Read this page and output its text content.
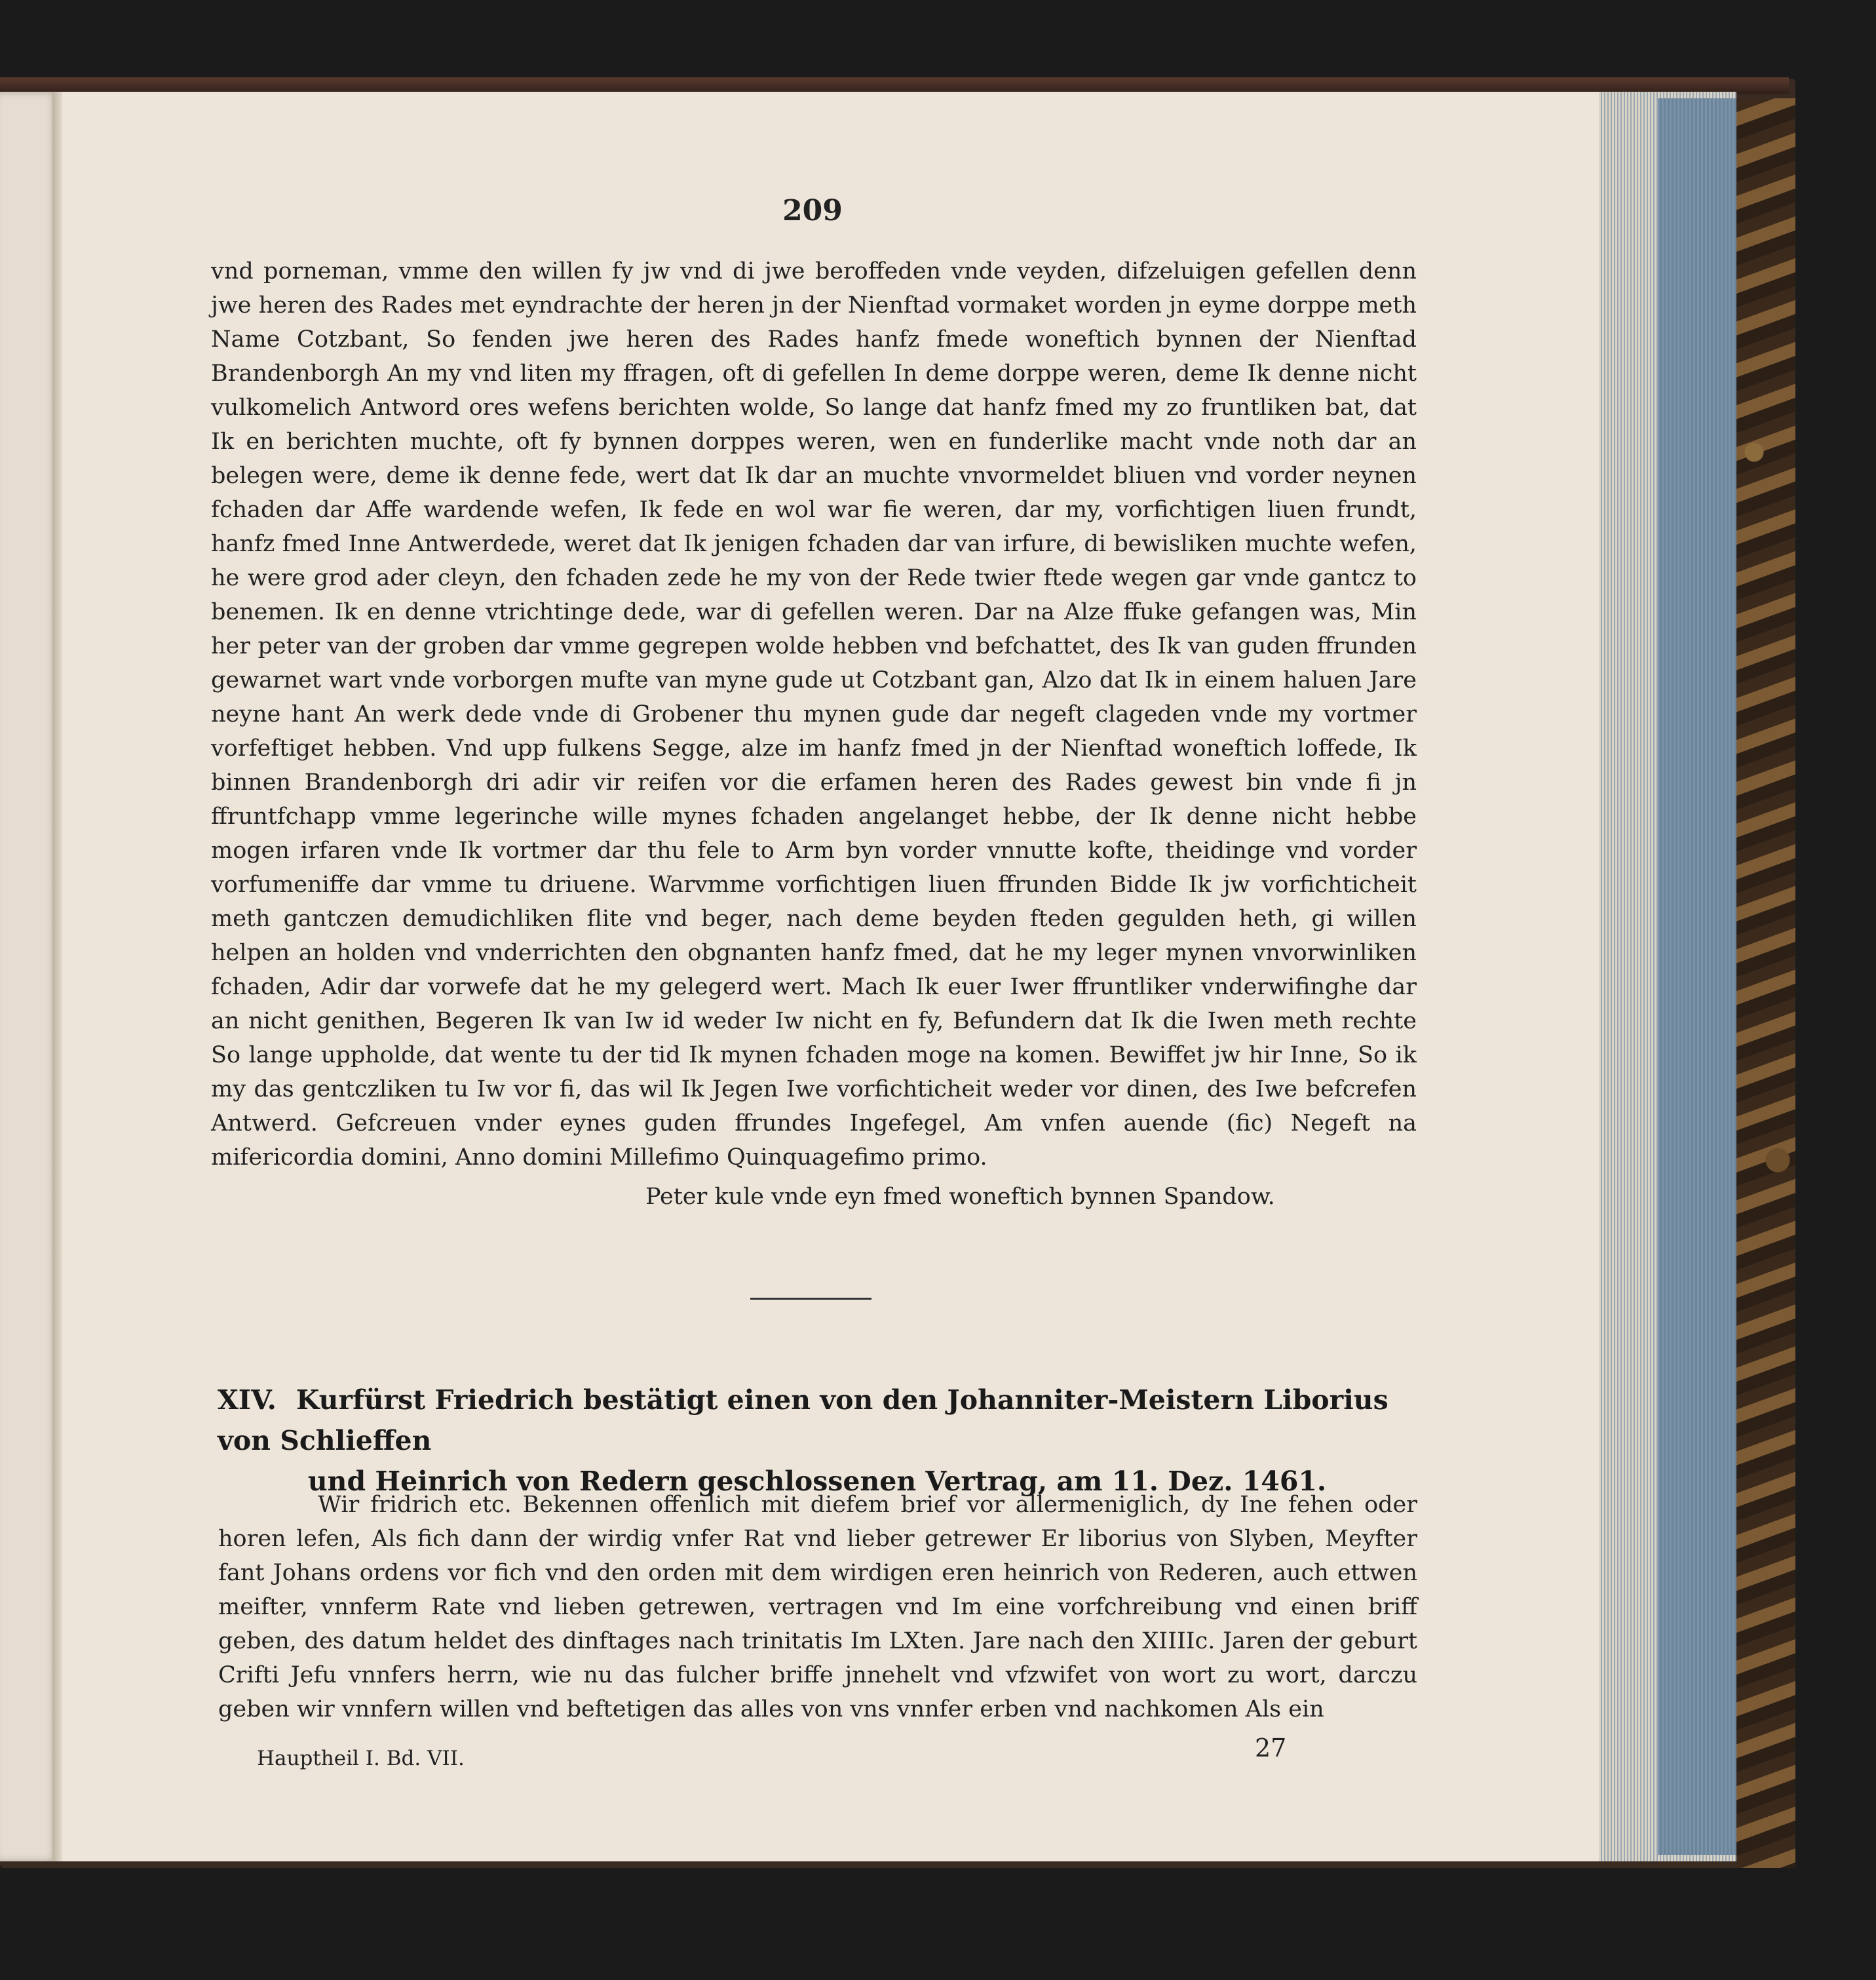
209

vnd porneman, vmme den willen fy jw vnd di jwe beroffeden vnde veyden, difzeluigen gefellen denn jwe heren des Rades met eyndrachte der heren jn der Nienftad vormaket worden jn eyme dorppe meth Name Cotzbant, So fenden jwe heren des Rades hanfz fmede woneftich bynnen der Nienftad Brandenborgh An my vnd liten my ffragen, oft di gefellen In deme dorppe weren, deme Ik denne nicht vulkomelich Antword ores wefens berichten wolde, So lange dat hanfz fmed my zo fruntliken bat, dat Ik en berichten muchte, oft fy bynnen dorppes weren, wen en funderlike macht vnde noth dar an belegen were, deme ik denne fede, wert dat Ik dar an muchte vnvormeldet bliuen vnd vorder neynen fchaden dar Affe wardende wefen, Ik fede en wol war fie weren, dar my, vorfichtigen liuen frundt, hanfz fmed Inne Antwerdede, weret dat Ik jenigen fchaden dar van irfure, di bewisliken muchte wefen, he were grod ader cleyn, den fchaden zede he my von der Rede twier ftede wegen gar vnde gantcz to benemen. Ik en denne vtrichtinge dede, war di gefellen weren. Dar na Alze ffuke gefangen was, Min her peter van der groben dar vmme gegrepen wolde hebben vnd befchattet, des Ik van guden ffrunden gewarnet wart vnde vorborgen mufte van myne gude ut Cotzbant gan, Alzo dat Ik in einem haluen Jare neyne hant An werk dede vnde di Grobener thu mynen gude dar negeft clageden vnde my vortmer vorfeftiget hebben. Vnd upp fulkens Segge, alze im hanfz fmed jn der Nienftad woneftich loffede, Ik binnen Brandenborgh dri adir vir reifen vor die erfamen heren des Rades gewest bin vnde fi jn ffruntfchapp vmme legerinche wille mynes fchaden angelanget hebbe, der Ik denne nicht hebbe mogen irfaren vnde Ik vortmer dar thu fele to Arm byn vorder vnnutte kofte, theidinge vnd vorder vorfumeniffe dar vmme tu driuene. Warvmme vorfichtigen liuen ffrunden Bidde Ik jw vorfichticheit meth gantczen demudichliken flite vnd beger, nach deme beyden fteden gegulden heth, gi willen helpen an holden vnd vnderrichten den obgnanten hanfz fmed, dat he my leger mynen vnvorwinliken fchaden, Adir dar vorwefe dat he my gelegerd wert. Mach Ik euer Iwer ffruntliker vnderwifinghe dar an nicht genithen, Begeren Ik van Iw id weder Iw nicht en fy, Befundern dat Ik die Iwen meth rechte So lange uppholde, dat wente tu der tid Ik mynen fchaden moge na komen. Bewiffet jw hir Inne, So ik my das gentczliken tu Iw vor fi, das wil Ik Jegen Iwe vorfichticheit weder vor dinen, des Iwe befcrefen Antwerd. Gefcreuen vnder eynes guden ffrundes Ingefegel, Am vnfen auende (fic) Negeft na mifericordia domini, Anno domini Millefimo Quinquagefimo primo.

Peter kule vnde eyn fmed woneftich bynnen Spandow.
XIV. Kurfürst Friedrich bestätigt einen von den Johanniter-Meistern Liborius von Schlieffen
und Heinrich von Redern geschlossenen Vertrag, am 11. Dez. 1461.

Wir fridrich etc. Bekennen offenlich mit diefem brief vor allermeniglich, dy Ine fehen oder horen lefen, Als fich dann der wirdig vnfer Rat vnd lieber getrewer Er liborius von Slyben, Meyfter fant Johans ordens vor fich vnd den orden mit dem wirdigen eren heinrich von Rederen, auch ettwen meifter, vnnferm Rate vnd lieben getrewen, vertragen vnd Im eine vorfchreibung vnd einen briff geben, des datum heldet des dinftages nach trinitatis Im LXten. Jare nach den XIIIIc. Jaren der geburt Crifti Jefu vnnfers herrn, wie nu das fulcher briffe jnnehelt vnd vfzwifet von wort zu wort, darczu geben wir vnnfern willen vnd beftetigen das alles von vns vnnfer erben vnd nachkomen Als ein

Hauptheil I. Bd. VII.	27
